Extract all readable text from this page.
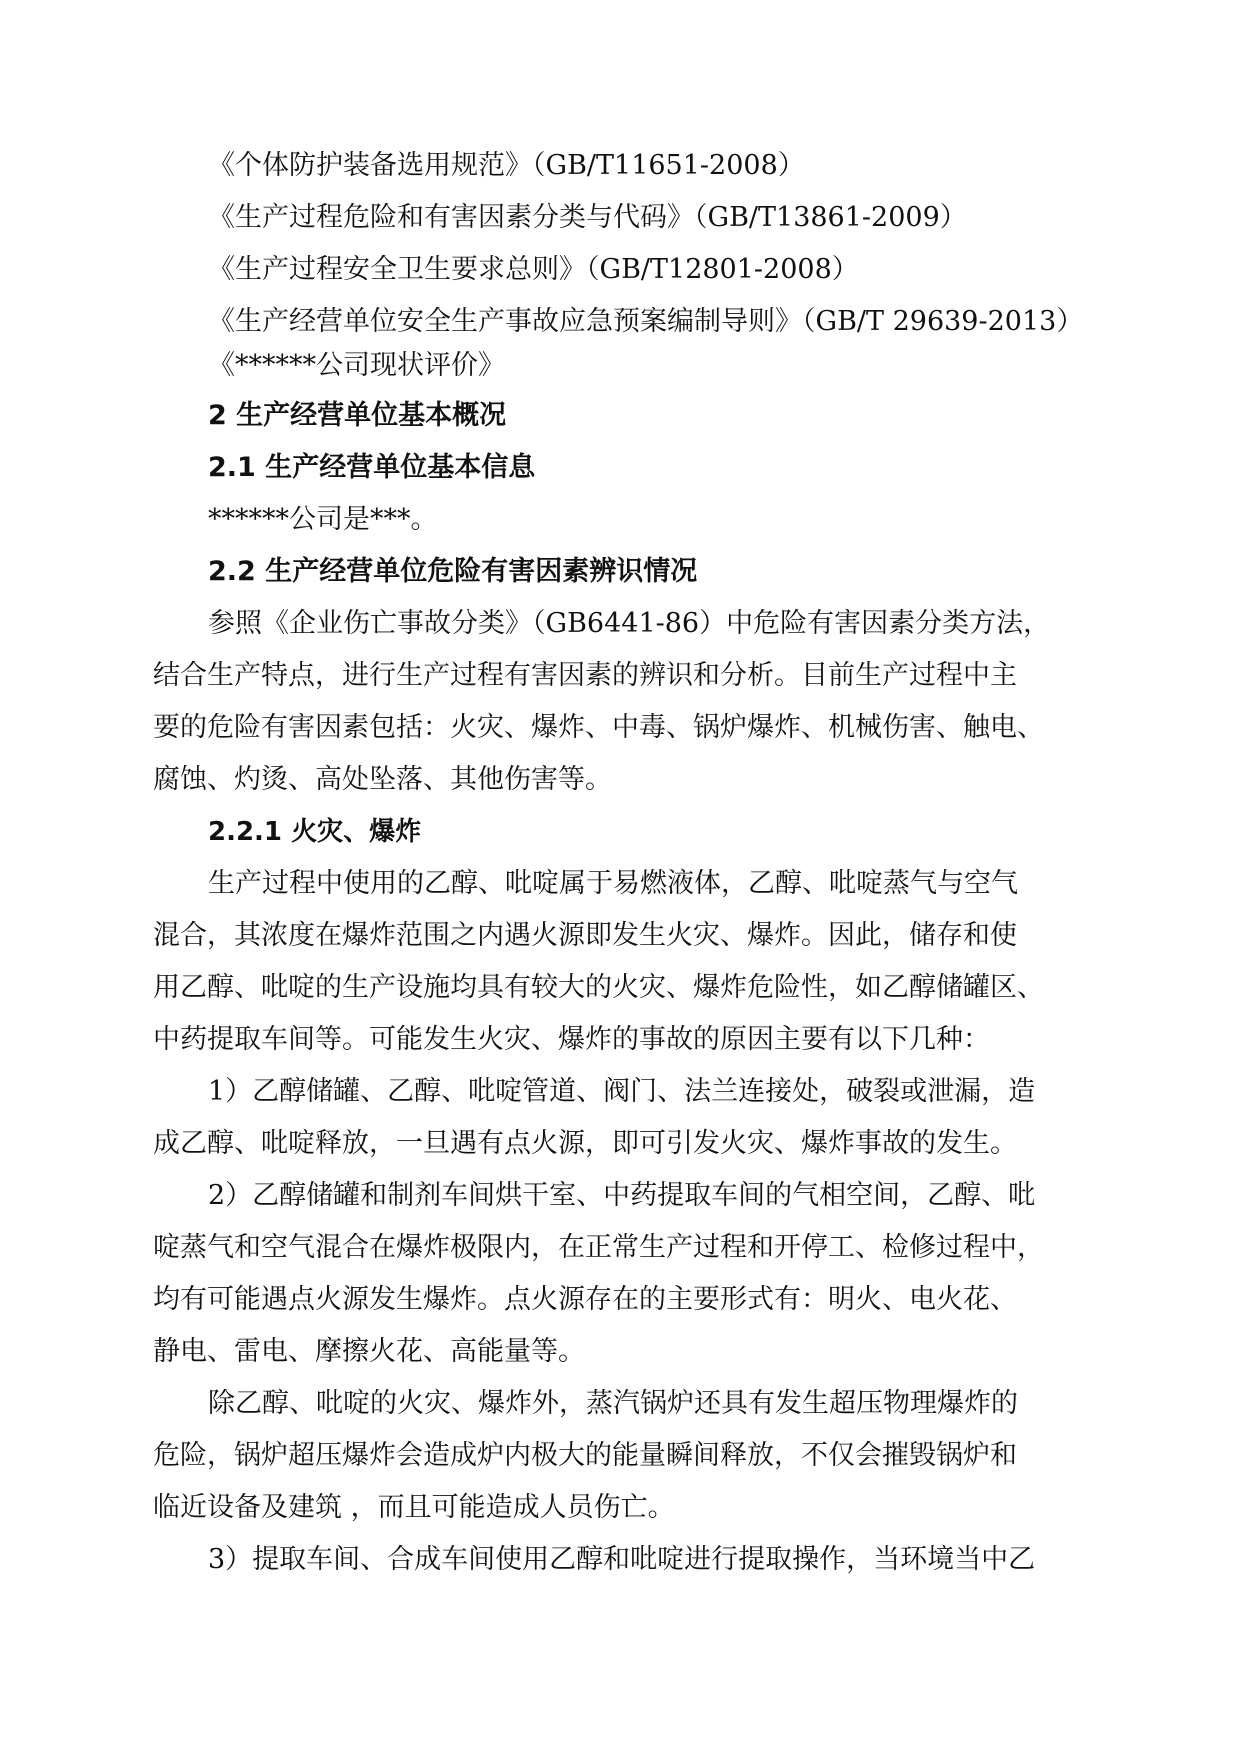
《个体防护装备选用规范》（GB/T11651-2008）
《生产过程危险和有害因素分类与代码》（GB/T13861-2009）
《生产过程安全卫生要求总则》（GB/T12801-2008）
《生产经营单位安全生产事故应急预案编制导则》（GB/T 29639-2013）
《******公司现状评价》
2 生产经营单位基本概况
2.1 生产经营单位基本信息
******公司是***。
2.2 生产经营单位危险有害因素辨识情况
参照《企业伤亡事故分类》（GB6441-86）中危险有害因素分类方法，
结合生产特点，进行生产过程有害因素的辨识和分析。目前生产过程中主
要的危险有害因素包括：火灾、爆炸、中毒、锅炉爆炸、机械伤害、触电、
腐蚀、灼烫、高处坠落、其他伤害等。
2.2.1 火灾、爆炸
生产过程中使用的乙醇、吡啶属于易燃液体，乙醇、吡啶蒸气与空气
混合，其浓度在爆炸范围之内遇火源即发生火灾、爆炸。因此，储存和使
用乙醇、吡啶的生产设施均具有较大的火灾、爆炸危险性，如乙醇储罐区、
中药提取车间等。可能发生火灾、爆炸的事故的原因主要有以下几种：
1）乙醇储罐、乙醇、吡啶管道、阀门、法兰连接处，破裂或泄漏，造
成乙醇、吡啶释放，一旦遇有点火源，即可引发火灾、爆炸事故的发生。
2）乙醇储罐和制剂车间烘干室、中药提取车间的气相空间，乙醇、吡
啶蒸气和空气混合在爆炸极限内，在正常生产过程和开停工、检修过程中，
均有可能遇点火源发生爆炸。点火源存在的主要形式有：明火、电火花、
静电、雷电、摩擦火花、高能量等。
除乙醇、吡啶的火灾、爆炸外，蒸汽锅炉还具有发生超压物理爆炸的
危险，锅炉超压爆炸会造成炉内极大的能量瞬间释放，不仅会摧毁锅炉和
临近设备及建筑 ，而且可能造成人员伤亡。
3）提取车间、合成车间使用乙醇和吡啶进行提取操作，当环境当中乙
